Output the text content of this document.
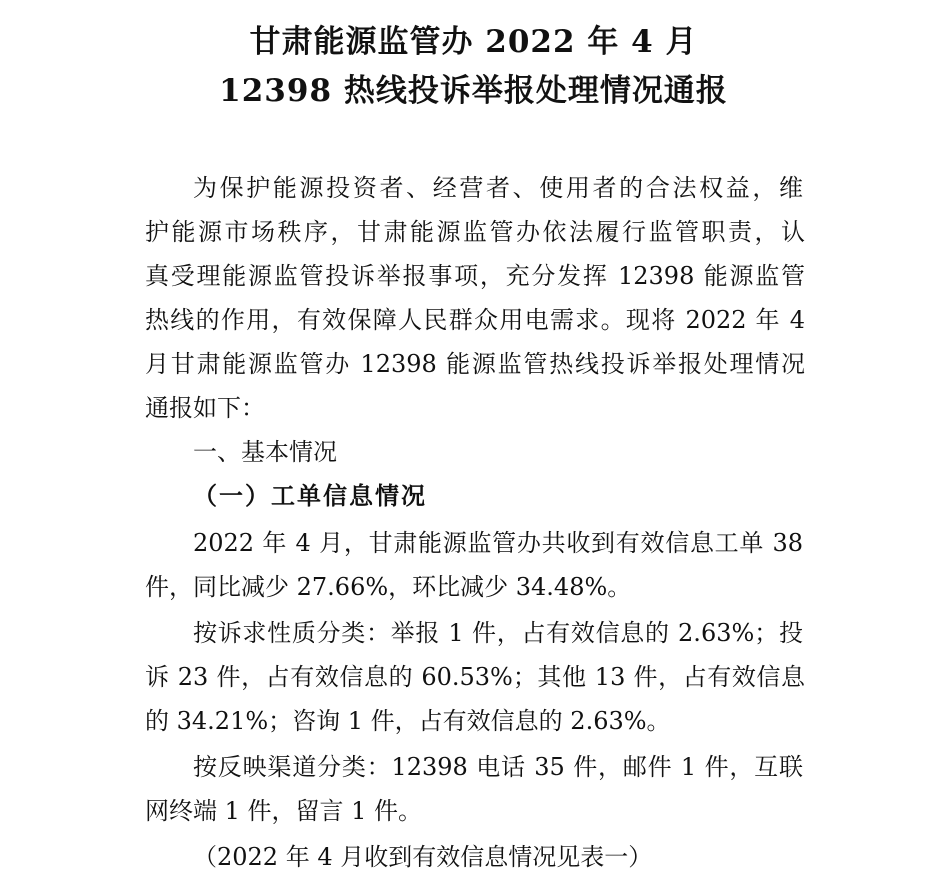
甘肃能源监管办 2022 年 4 月
12398 热线投诉举报处理情况通报
为保护能源投资者、经营者、使用者的合法权益，维
护能源市场秩序，甘肃能源监管办依法履行监管职责，认
真受理能源监管投诉举报事项，充分发挥 12398 能源监管
热线的作用，有效保障人民群众用电需求。现将 2022 年 4
月甘肃能源监管办 12398 能源监管热线投诉举报处理情况
通报如下：
一、基本情况
（一）工单信息情况
2022 年 4 月，甘肃能源监管办共收到有效信息工单 38
件，同比减少 27.66%，环比减少 34.48%。
按诉求性质分类：举报 1 件，占有效信息的 2.63%；投
诉 23 件，占有效信息的 60.53%；其他 13 件，占有效信息
的 34.21%；咨询 1 件，占有效信息的 2.63%。
按反映渠道分类：12398 电话 35 件，邮件 1 件，互联
网终端 1 件，留言 1 件。
（2022 年 4 月收到有效信息情况见表一）
